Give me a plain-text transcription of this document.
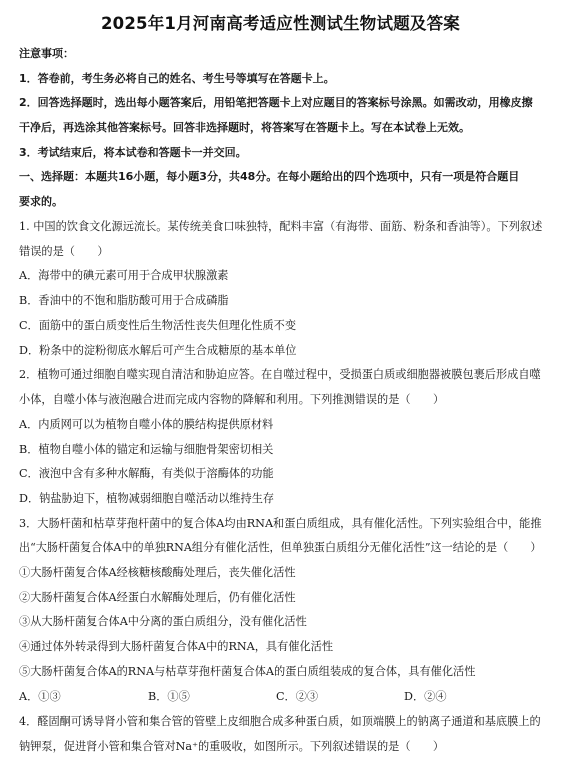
2025年1月河南高考适应性测试生物试题及答案
注意事项：
1．答卷前，考生务必将自己的姓名、考生号等填写在答题卡上。
2．回答选择题时，选出每小题答案后，用铅笔把答题卡上对应题目的答案标号涂黑。如需改动，用橡皮擦
干净后，再选涂其他答案标号。回答非选择题时，将答案写在答题卡上。写在本试卷上无效。
3．考试结束后，将本试卷和答题卡一并交回。
一、选择题：本题共16小题，每小题3分，共48分。在每小题给出的四个选项中，只有一项是符合题目
要求的。
1. 中国的饮食文化源远流长。某传统美食口味独特，配料丰富（有海带、面筋、粉条和香油等）。下列叙述
错误的是（　　）
A．海带中的碘元素可用于合成甲状腺激素
B．香油中的不饱和脂肪酸可用于合成磷脂
C．面筋中的蛋白质变性后生物活性丧失但理化性质不变
D．粉条中的淀粉彻底水解后可产生合成糖原的基本单位
2．植物可通过细胞自噬实现自清洁和胁迫应答。在自噬过程中，受损蛋白质或细胞器被膜包裹后形成自噬
小体，自噬小体与液泡融合进而完成内容物的降解和利用。下列推测错误的是（　　）
A．内质网可以为植物自噬小体的膜结构提供原材料
B．植物自噬小体的锚定和运输与细胞骨架密切相关
C．液泡中含有多种水解酶，有类似于溶酶体的功能
D．钠盐胁迫下，植物减弱细胞自噬活动以维持生存
3．大肠杆菌和枯草芽孢杆菌中的复合体A均由RNA和蛋白质组成，具有催化活性。下列实验组合中，能推
出“大肠杆菌复合体A中的单独RNA组分有催化活性，但单独蛋白质组分无催化活性”这一结论的是（　　）
①大肠杆菌复合体A经核糖核酸酶处理后，丧失催化活性
②大肠杆菌复合体A经蛋白水解酶处理后，仍有催化活性
③从大肠杆菌复合体A中分离的蛋白质组分，没有催化活性
④通过体外转录得到大肠杆菌复合体A中的RNA，具有催化活性
⑤大肠杆菌复合体A的RNA与枯草芽孢杆菌复合体A的蛋白质组装成的复合体，具有催化活性
A．①③	B．①⑤	C．②③	D．②④
4．醛固酮可诱导肾小管和集合管的管壁上皮细胞合成多种蛋白质，如顶端膜上的钠离子通道和基底膜上的
钠钾泵，促进肾小管和集合管对Na⁺的重吸收，如图所示。下列叙述错误的是（　　）
